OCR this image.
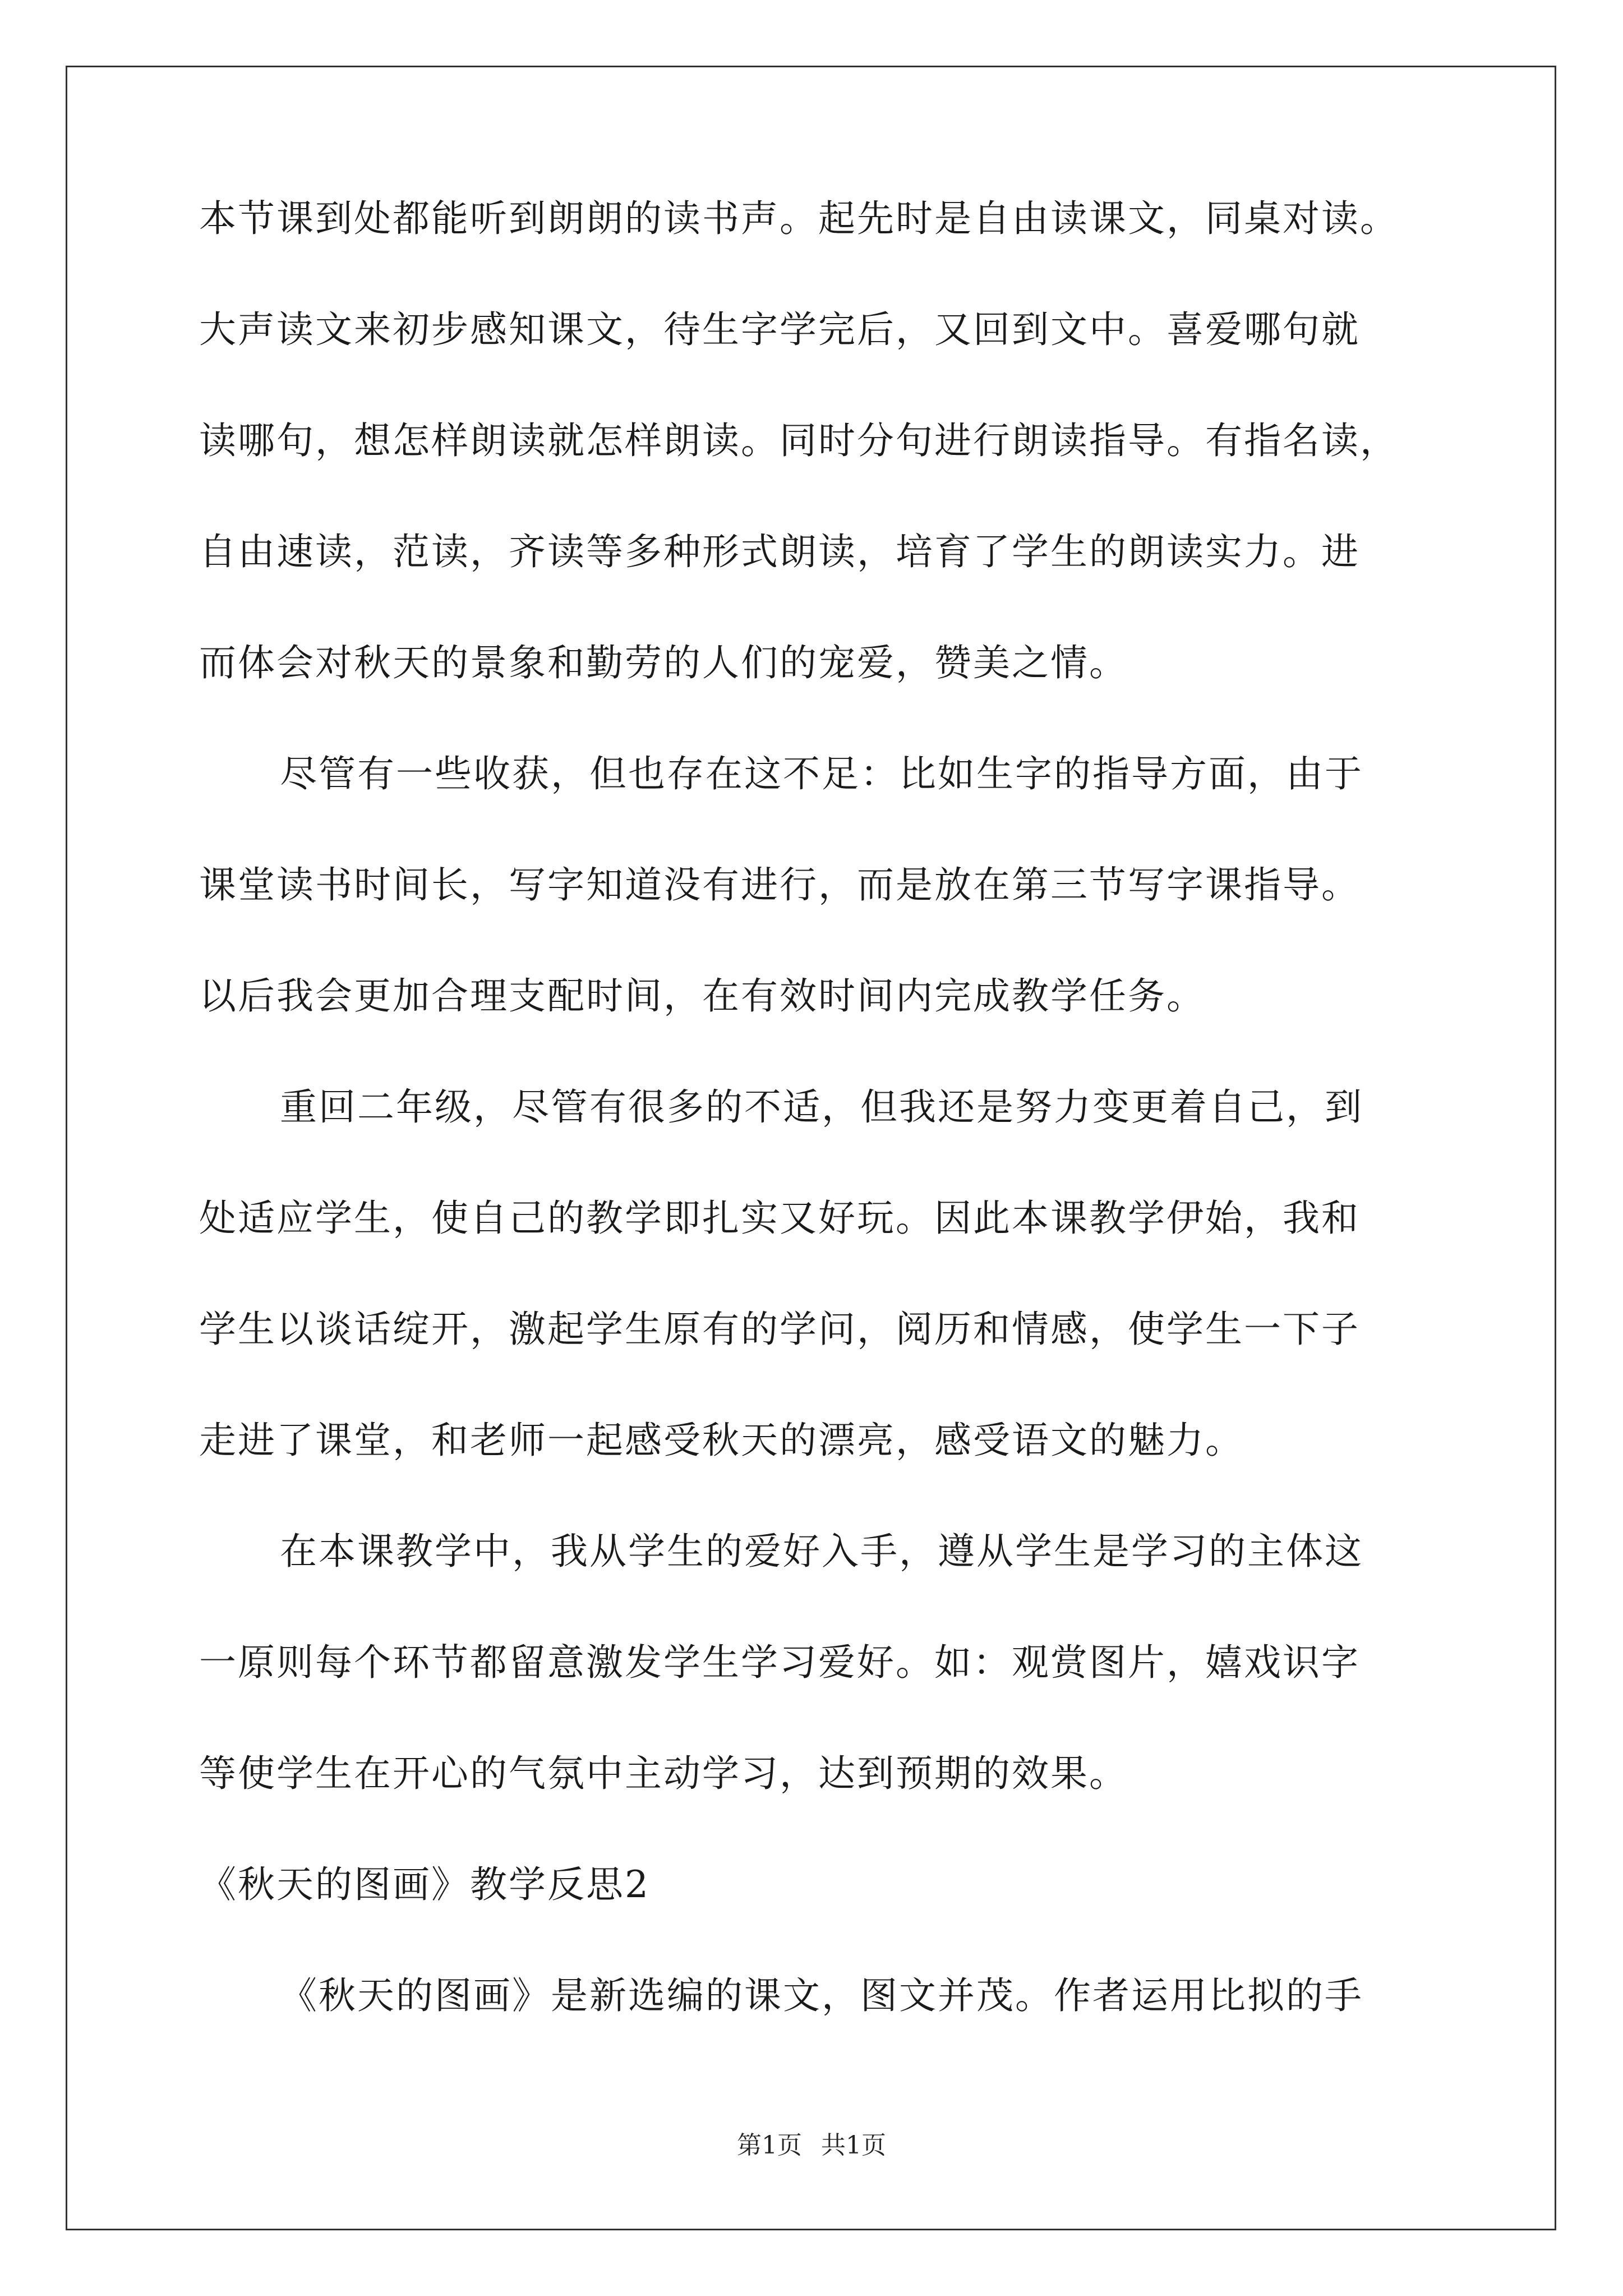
本节课到处都能听到朗朗的读书声。起先时是自由读课文，同桌对读。
大声读文来初步感知课文，待生字学完后，又回到文中。喜爱哪句就
读哪句，想怎样朗读就怎样朗读。同时分句进行朗读指导。有指名读，
自由速读，范读，齐读等多种形式朗读，培育了学生的朗读实力。进
而体会对秋天的景象和勤劳的人们的宠爱，赞美之情。
尽管有一些收获，但也存在这不足：比如生字的指导方面，由于
课堂读书时间长，写字知道没有进行，而是放在第三节写字课指导。
以后我会更加合理支配时间，在有效时间内完成教学任务。
重回二年级，尽管有很多的不适，但我还是努力变更着自己，到
处适应学生，使自己的教学即扎实又好玩。因此本课教学伊始，我和
学生以谈话绽开，激起学生原有的学问，阅历和情感，使学生一下子
走进了课堂，和老师一起感受秋天的漂亮，感受语文的魅力。
在本课教学中，我从学生的爱好入手，遵从学生是学习的主体这
一原则每个环节都留意激发学生学习爱好。如：观赏图片，嬉戏识字
等使学生在开心的气氛中主动学习，达到预期的效果。
《秋天的图画》教学反思2
《秋天的图画》是新选编的课文，图文并茂。作者运用比拟的手
第1页 共1页
